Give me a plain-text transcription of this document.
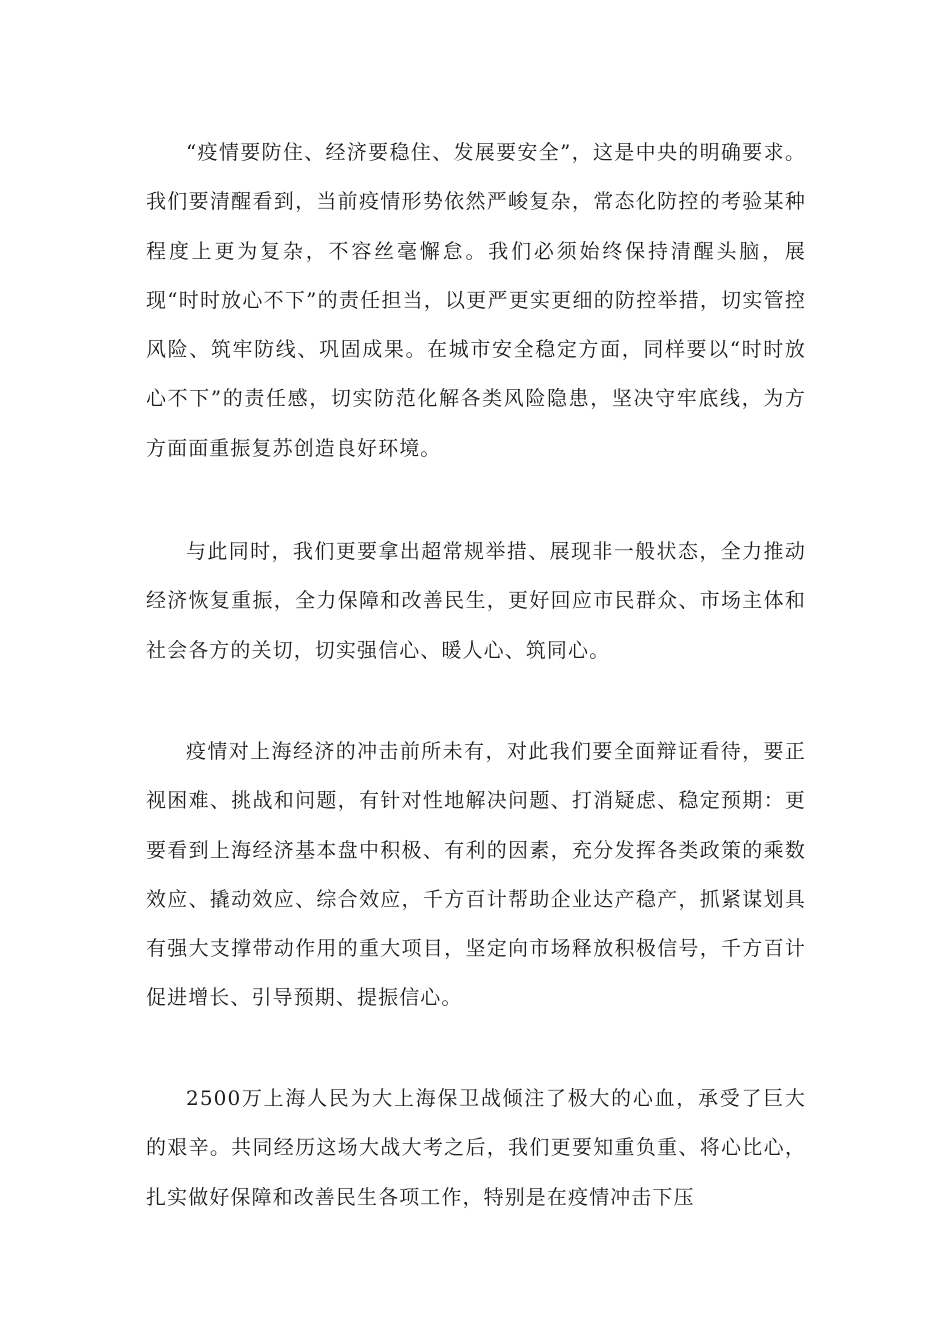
“疫情要防住、经济要稳住、发展要安全”，这是中央的明确要求。我们要清醒看到，当前疫情形势依然严峻复杂，常态化防控的考验某种程度上更为复杂，不容丝毫懈怠。我们必须始终保持清醒头脑，展现“时时放心不下”的责任担当，以更严更实更细的防控举措，切实管控风险、筑牢防线、巩固成果。在城市安全稳定方面，同样要以“时时放心不下”的责任感，切实防范化解各类风险隐患，坚决守牢底线，为方方面面重振复苏创造良好环境。

与此同时，我们更要拿出超常规举措、展现非一般状态，全力推动经济恢复重振，全力保障和改善民生，更好回应市民群众、市场主体和社会各方的关切，切实强信心、暖人心、筑同心。

疫情对上海经济的冲击前所未有，对此我们要全面辩证看待，要正视困难、挑战和问题，有针对性地解决问题、打消疑虑、稳定预期：更要看到上海经济基本盘中积极、有利的因素，充分发挥各类政策的乘数效应、撬动效应、综合效应，千方百计帮助企业达产稳产，抓紧谋划具有强大支撑带动作用的重大项目，坚定向市场释放积极信号，千方百计促进增长、引导预期、提振信心。

2500万上海人民为大上海保卫战倾注了极大的心血，承受了巨大的艰辛。共同经历这场大战大考之后，我们更要知重负重、将心比心，扎实做好保障和改善民生各项工作，特别是在疫情冲击下压
